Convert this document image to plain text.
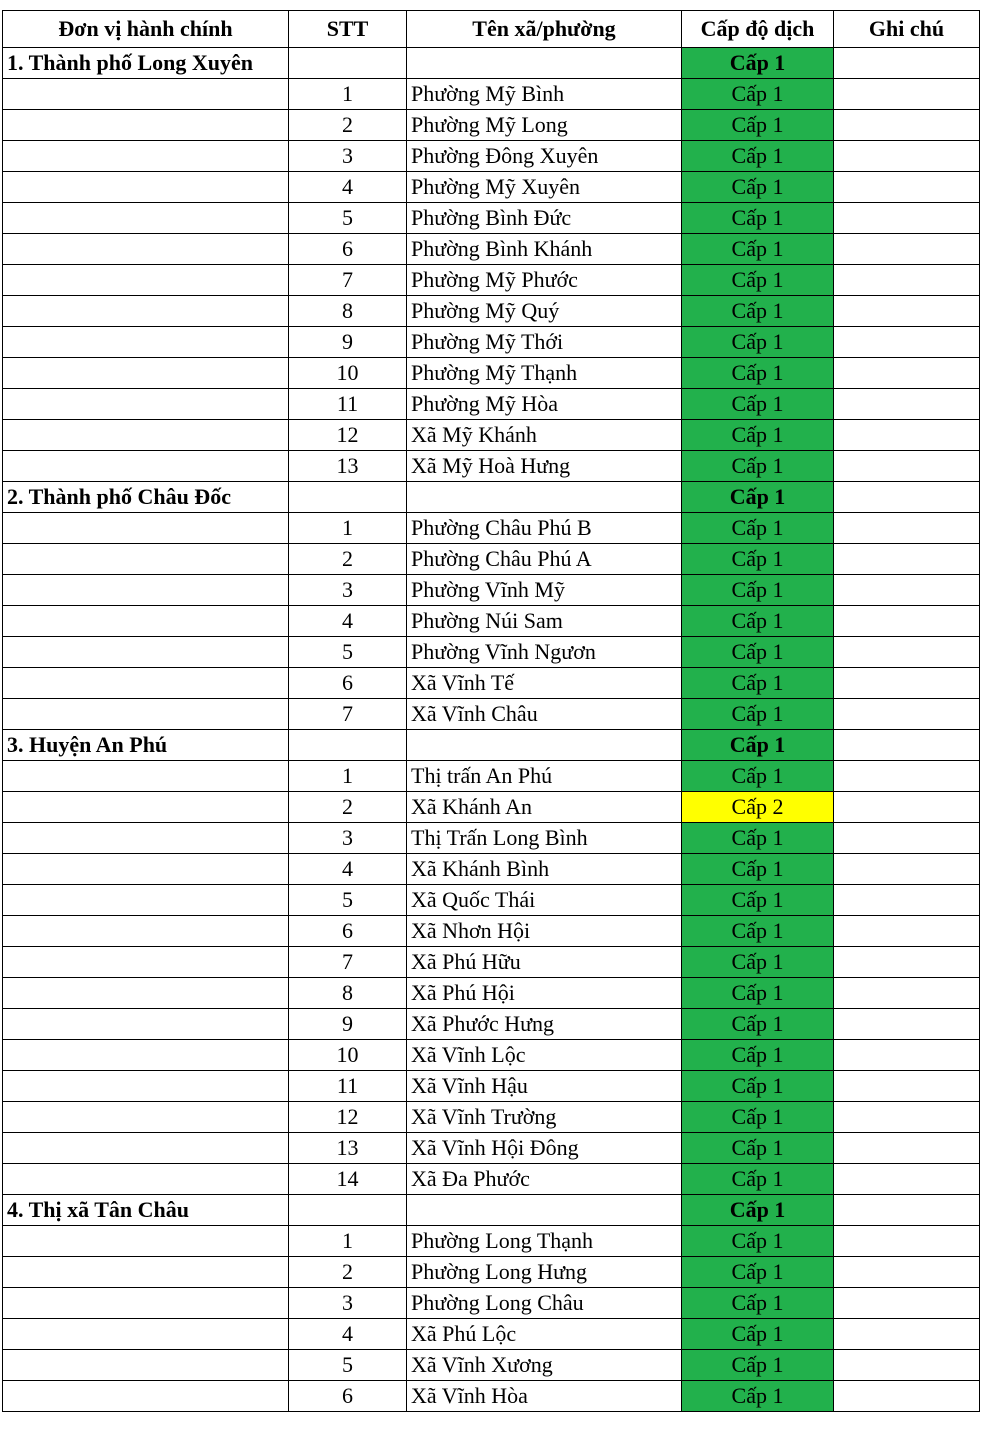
Đơn vị hành chính	STT	Tên xã/phường	Cấp độ dịch	Ghi chú
1. Thành phố Long Xuyên			Cấp 1	
	1	Phường Mỹ Bình	Cấp 1	
	2	Phường Mỹ Long	Cấp 1	
	3	Phường Đông Xuyên	Cấp 1	
	4	Phường Mỹ Xuyên	Cấp 1	
	5	Phường Bình Đức	Cấp 1	
	6	Phường Bình Khánh	Cấp 1	
	7	Phường Mỹ Phước	Cấp 1	
	8	Phường Mỹ Quý	Cấp 1	
	9	Phường Mỹ Thới	Cấp 1	
	10	Phường Mỹ Thạnh	Cấp 1	
	11	Phường Mỹ Hòa	Cấp 1	
	12	Xã Mỹ Khánh	Cấp 1	
	13	Xã Mỹ Hoà Hưng	Cấp 1	
2. Thành phố Châu Đốc			Cấp 1	
	1	Phường Châu Phú B	Cấp 1	
	2	Phường Châu Phú A	Cấp 1	
	3	Phường Vĩnh Mỹ	Cấp 1	
	4	Phường Núi Sam	Cấp 1	
	5	Phường Vĩnh Ngươn	Cấp 1	
	6	Xã Vĩnh Tế	Cấp 1	
	7	Xã Vĩnh Châu	Cấp 1	
3. Huyện An Phú			Cấp 1	
	1	Thị trấn An Phú	Cấp 1	
	2	Xã Khánh An	Cấp 2	
	3	Thị Trấn Long Bình	Cấp 1	
	4	Xã Khánh Bình	Cấp 1	
	5	Xã Quốc Thái	Cấp 1	
	6	Xã Nhơn Hội	Cấp 1	
	7	Xã Phú Hữu	Cấp 1	
	8	Xã Phú Hội	Cấp 1	
	9	Xã Phước Hưng	Cấp 1	
	10	Xã Vĩnh Lộc	Cấp 1	
	11	Xã Vĩnh Hậu	Cấp 1	
	12	Xã Vĩnh Trường	Cấp 1	
	13	Xã Vĩnh Hội Đông	Cấp 1	
	14	Xã Đa Phước	Cấp 1	
4. Thị xã Tân Châu			Cấp 1	
	1	Phường Long Thạnh	Cấp 1	
	2	Phường Long Hưng	Cấp 1	
	3	Phường Long Châu	Cấp 1	
	4	Xã Phú Lộc	Cấp 1	
	5	Xã Vĩnh Xương	Cấp 1	
	6	Xã Vĩnh Hòa	Cấp 1	
